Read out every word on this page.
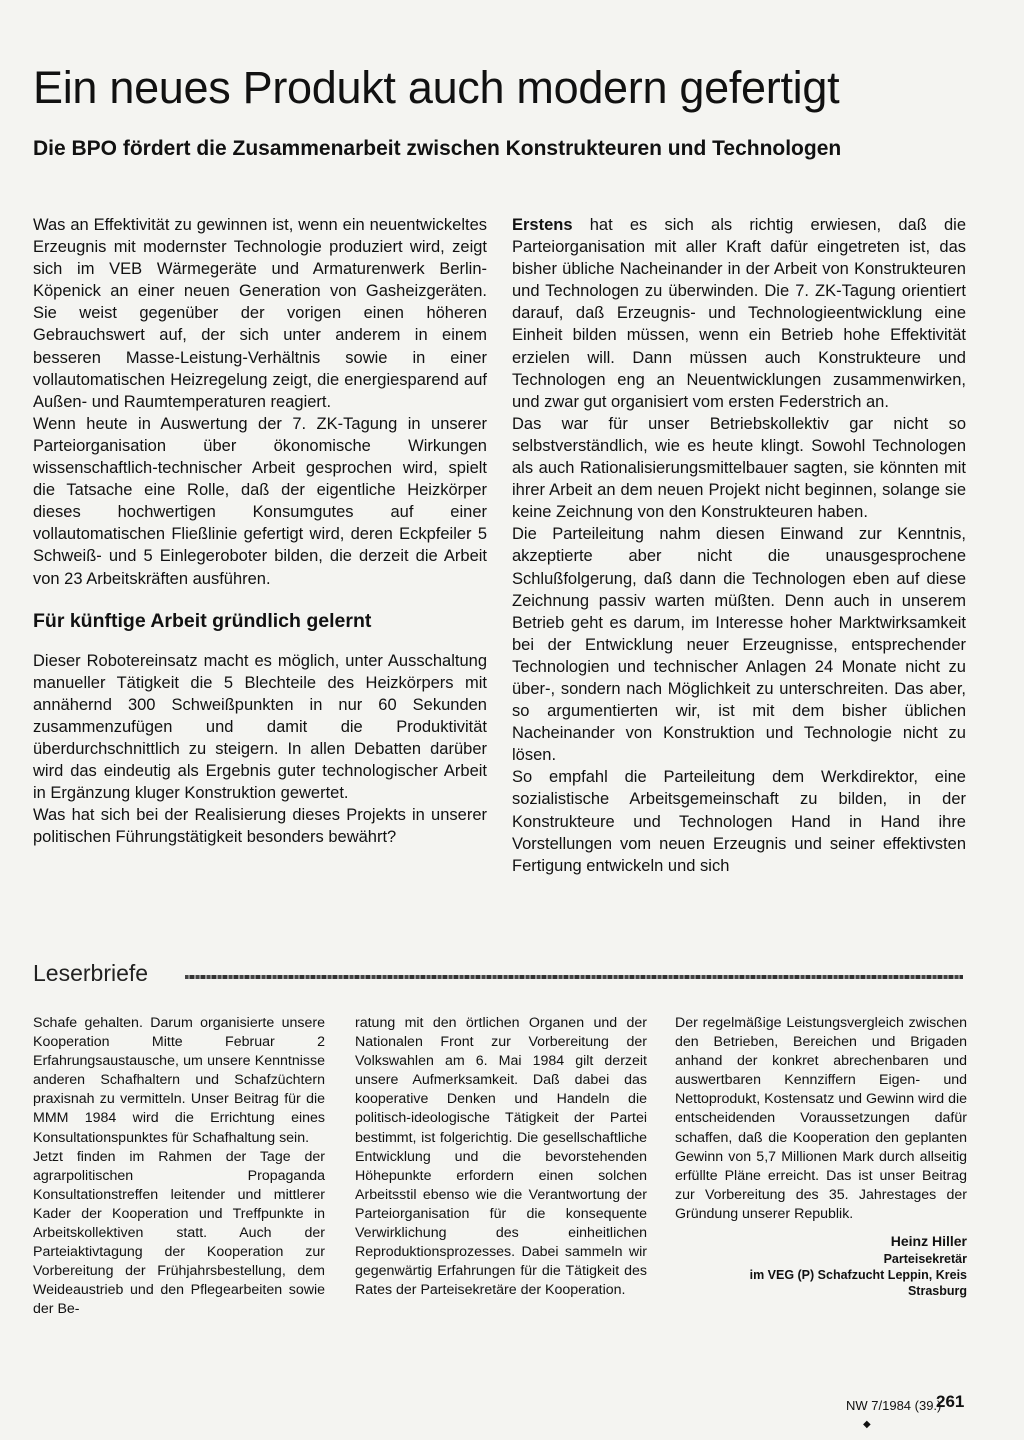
Ein neues Produkt auch modern gefertigt
Die BPO fördert die Zusammenarbeit zwischen Konstrukteuren und Technologen

Was an Effektivität zu gewinnen ist, wenn ein neuentwickeltes Erzeugnis mit modernster Technologie produziert wird, zeigt sich im VEB Wärmegeräte und Armaturenwerk Berlin-Köpenick an einer neuen Generation von Gasheizgeräten. Sie weist gegenüber der vorigen einen höheren Gebrauchswert auf, der sich unter anderem in einem besseren Masse-Leistung-Verhältnis sowie in einer vollautomatischen Heizregelung zeigt, die energiesparend auf Außen- und Raumtemperaturen reagiert.

Wenn heute in Auswertung der 7. ZK-Tagung in unserer Parteiorganisation über ökonomische Wirkungen wissenschaftlich-technischer Arbeit gesprochen wird, spielt die Tatsache eine Rolle, daß der eigentliche Heizkörper dieses hochwertigen Konsumgutes auf einer vollautomatischen Fließlinie gefertigt wird, deren Eckpfeiler 5 Schweiß- und 5 Einlegeroboter bilden, die derzeit die Arbeit von 23 Arbeitskräften ausführen.

Für künftige Arbeit gründlich gelernt

Dieser Robotereinsatz macht es möglich, unter Ausschaltung manueller Tätigkeit die 5 Blechteile des Heizkörpers mit annähernd 300 Schweißpunkten in nur 60 Sekunden zusammenzufügen und damit die Produktivität überdurchschnittlich zu steigern. In allen Debatten darüber wird das eindeutig als Ergebnis guter technologischer Arbeit in Ergänzung kluger Konstruktion gewertet.

Was hat sich bei der Realisierung dieses Projekts in unserer politischen Führungstätigkeit besonders bewährt?

Erstens hat es sich als richtig erwiesen, daß die Parteiorganisation mit aller Kraft dafür eingetreten ist, das bisher übliche Nacheinander in der Arbeit von Konstrukteuren und Technologen zu überwinden. Die 7. ZK-Tagung orientiert darauf, daß Erzeugnis- und Technologieentwicklung eine Einheit bilden müssen, wenn ein Betrieb hohe Effektivität erzielen will. Dann müssen auch Konstrukteure und Technologen eng an Neuentwicklungen zusammenwirken, und zwar gut organisiert vom ersten Federstrich an.

Das war für unser Betriebskollektiv gar nicht so selbstverständlich, wie es heute klingt. Sowohl Technologen als auch Rationalisierungsmittelbauer sagten, sie könnten mit ihrer Arbeit an dem neuen Projekt nicht beginnen, solange sie keine Zeichnung von den Konstrukteuren haben.

Die Parteileitung nahm diesen Einwand zur Kenntnis, akzeptierte aber nicht die unausgesprochene Schlußfolgerung, daß dann die Technologen eben auf diese Zeichnung passiv warten müßten. Denn auch in unserem Betrieb geht es darum, im Interesse hoher Marktwirksamkeit bei der Entwicklung neuer Erzeugnisse, entsprechender Technologien und technischer Anlagen 24 Monate nicht zu über-, sondern nach Möglichkeit zu unterschreiten. Das aber, so argumentierten wir, ist mit dem bisher üblichen Nacheinander von Konstruktion und Technologie nicht zu lösen.

So empfahl die Parteileitung dem Werkdirektor, eine sozialistische Arbeitsgemeinschaft zu bilden, in der Konstrukteure und Technologen Hand in Hand ihre Vorstellungen vom neuen Erzeugnis und seiner effektivsten Fertigung entwickeln und sich

Leserbriefe

Schafe gehalten. Darum organisierte unsere Kooperation Mitte Februar 2 Erfahrungsaustausche, um unsere Kenntnisse anderen Schafhaltern und Schafzüchtern praxisnah zu vermitteln. Unser Beitrag für die MMM 1984 wird die Errichtung eines Konsultationspunktes für Schafhaltung sein.

Jetzt finden im Rahmen der Tage der agrarpolitischen Propaganda Konsultationstreffen leitender und mittlerer Kader der Kooperation und Treffpunkte in Arbeitskollektiven statt. Auch der Parteiaktivtagung der Kooperation zur Vorbereitung der Frühjahrsbestellung, dem Weideaustrieb und den Pflegearbeiten sowie der Be-

ratung mit den örtlichen Organen und der Nationalen Front zur Vorbereitung der Volkswahlen am 6. Mai 1984 gilt derzeit unsere Aufmerksamkeit. Daß dabei das kooperative Denken und Handeln die politisch-ideologische Tätigkeit der Partei bestimmt, ist folgerichtig. Die gesellschaftliche Entwicklung und die bevorstehenden Höhepunkte erfordern einen solchen Arbeitsstil ebenso wie die Verantwortung der Parteiorganisation für die konsequente Verwirklichung des einheitlichen Reproduktionsprozesses. Dabei sammeln wir gegenwärtig Erfahrungen für die Tätigkeit des Rates der Parteisekretäre der Kooperation.

Der regelmäßige Leistungsvergleich zwischen den Betrieben, Bereichen und Brigaden anhand der konkret abrechenbaren und auswertbaren Kennziffern Eigen- und Nettoprodukt, Kostensatz und Gewinn wird die entscheidenden Voraussetzungen dafür schaffen, daß die Kooperation den geplanten Gewinn von 5,7 Millionen Mark durch allseitig erfüllte Pläne erreicht. Das ist unser Beitrag zur Vorbereitung des 35. Jahrestages der Gründung unserer Republik.

Heinz Hiller

Parteisekretär

im VEG (P) Schafzucht Leppin, Kreis

Strasburg

NW 7/1984 (39.)
261
◆
